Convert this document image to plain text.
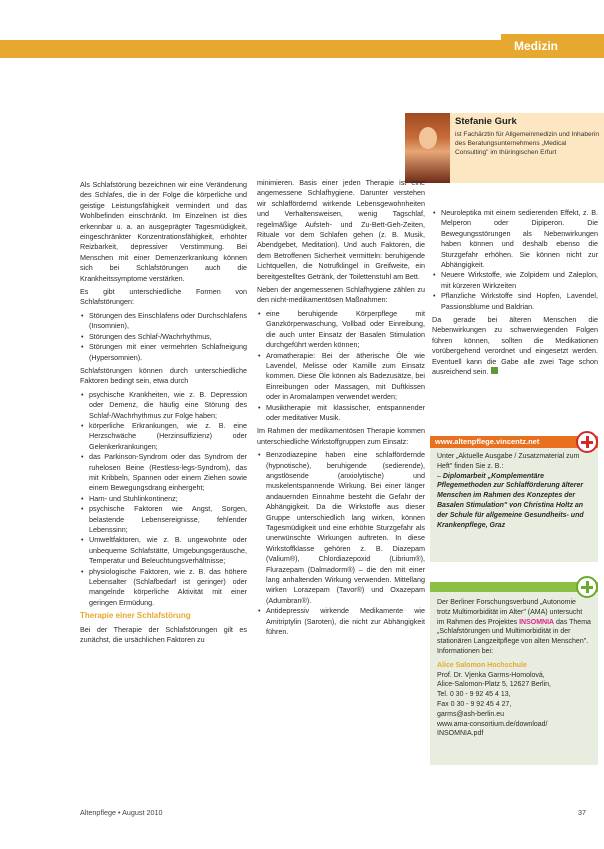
Medizin
Stefanie Gurk
ist Fachärztin für Allgemeinmedizin und Inhaberin des Beratungsunternehmens „Medical Consulting" im thüringischen Erfurt

Als Schlafstörung bezeichnen wir eine Veränderung des Schlafes, die in der Folge die körperliche und geistige Leistungsfähigkeit vermindert und das Wohlbefinden einschränkt. Im Einzelnen ist dies erkennbar u. a. an ausgeprägter Tagesmüdigkeit, eingeschränkter Konzentrationsfähigkeit, erhöhter Reizbarkeit, depressiver Verstimmung. Bei Menschen mit einer Demenzerkrankung können sich bei Schlafstörungen auch die Krankheitssymptome verstärken.

Es gibt unterschiedliche Formen von Schlafstörungen:

• Störungen des Einschlafens oder Durchschlafens (Insomnien),
• Störungen des Schlaf-/Wachrhythmus,
• Störungen mit einer vermehrten Schlafneigung (Hypersomnien).

Schlafstörungen können durch unterschiedliche Faktoren bedingt sein, etwa durch

• psychische Krankheiten, wie z. B. Depression oder Demenz, die häufig eine Störung des Schlaf-/Wachrhythmus zur Folge haben;
• körperliche Erkrankungen, wie z. B. eine Herzschwäche (Herzinsuffizienz) oder Gelenkerkrankungen;
• das Parkinson-Syndrom oder das Syndrom der ruhelosen Beine (Restless-legs-Syndrom), das mit Kribbeln, Spannen oder einem Ziehen sowie einem Bewegungsdrang einhergeht;
• Harn- und Stuhlinkontinenz;
• psychische Faktoren wie Angst, Sorgen, belastende Lebensereignisse, fehlender Lebenssinn;
• Umweltfaktoren, wie z. B. ungewohnte oder unbequeme Schlafstätte, Umgebungsgeräusche, Temperatur und Beleuchtungsverhältnisse;
• physiologische Faktoren, wie z. B. das höhere Lebensalter (Schlafbedarf ist geringer) oder mangelnde körperliche Aktivität mit einer geringen Ermüdung.
Therapie einer Schlafstörung

Bei der Therapie der Schlafstörungen gilt es zunächst, die ursächlichen Faktoren zu

minimieren. Basis einer jeden Therapie ist eine angemessene Schlafhygiene. Darunter verstehen wir schlaffördernd wirkende Lebensgewohnheiten und Verhaltensweisen, wenig Tagschlaf, regelmäßige Aufsteh- und Zu-Bett-Geh-Zeiten, Rituale vor dem Schlafen gehen (z. B. Musik, Abendgebet, Meditation). Und auch Faktoren, die dem Betroffenen Sicherheit vermitteln: beruhigende Lichtquellen, die Notrufklingel in Greifweite, ein bereitgestelltes Getränk, der Toilettenstuhl am Bett.

Neben der angemessenen Schlafhygiene zählen zu den nicht-medikamentösen Maßnahmen:

• eine beruhigende Körperpflege mit Ganzkörperwaschung, Vollbad oder Einreibung, die auch unter Einsatz der Basalen Stimulation durchgeführt werden können;
• Aromatherapie: Bei der ätherische Öle wie Lavendel, Melisse oder Kamille zum Einsatz kommen. Diese Öle können als Badezusätze, bei Einreibungen oder Massagen, mit Duftkissen oder in Aromalampen verwendet werden;
• Musiktherapie mit klassischer, entspannender oder meditativer Musik.

Im Rahmen der medikamentösen Therapie kommen unterschiedliche Wirkstoffgruppen zum Einsatz:

• Benzodiazepine haben eine schlaffördernde (hypnotische), beruhigende (sedierende), angstlösende (anxiolytische) und muskelentspannende Wirkung. Bei einer länger andauernden Einnahme besteht die Gefahr der Abhängigkeit. Da die Wirkstoffe aus dieser Gruppe unterschiedlich lang wirken, können Tagesmüdigkeit und eine erhöhte Sturzgefahr als unerwünschte Wirkungen auftreten. In diese Wirkstoffklasse gehören z. B. Diazepam (Valium®), Chlordiazepoxid (Librium®), Flurazepam (Dalmadorm®) – die den mit einer lang anhaltenden Wirkung verwenden. Mittellang wirken Lorazepam (Tavor®) und Oxazepam (Adumbran®).
• Antidepressiv wirkende Medikamente wie Amitriptylin (Saroten), die nicht zur Abhängigkeit führen.
• Neuroleptika mit einem sedierenden Effekt, z. B. Melperon oder Dipiperon. Die Bewegungsstörungen als Nebenwirkungen haben können und deshalb ebenso die Sturzgefahr erhöhen. Sie können nicht zur Abhängigkeit.
• Neuere Wirkstoffe, wie Zolpidem und Zaleplon, mit kürzeren Wirkzeiten
• Pflanzliche Wirkstoffe sind Hopfen, Lavendel, Passionsblume und Baldrian.

Da gerade bei älteren Menschen die Nebenwirkungen zu schwerwiegenden Folgen führen können, sollten die Medikationen vorübergehend verordnet und eingesetzt werden. Eventuell kann die Gabe alle zwei Tage schon ausreichend sein.

www.altenpflege.vincentz.net
Unter „Aktuelle Ausgabe / Zusatzmaterial zum Heft" finden Sie z. B.:
– Diplomarbeit „Komplementäre Pflegemethoden zur Schlafförderung älterer Menschen im Rahmen des Konzeptes der Basalen Stimulation" von Christina Holtz an der Schule für allgemeine Gesundheits- und Krankenpflege, Graz
Der Berliner Forschungsverbund „Autonomie trotz Multimorbidität im Alter" (AMA) untersucht im Rahmen des Projektes INSOMNIA das Thema „Schlafstörungen und Multimorbidität in der stationären Langzeitpflege von alten Menschen". Informationen bei:
Alice Salomon Hochschule
Prof. Dr. Vjenka Garms-Homolová,
Alice-Salomon-Platz 5, 12627 Berlin,
Tel. 0 30 - 9 92 45 4 13,
Fax 0 30 - 9 92 45 4 27,
garms@ash-berlin.eu
www.ama-consortium.de/download/
INSOMNIA.pdf
Altenpflege • August 2010	37
